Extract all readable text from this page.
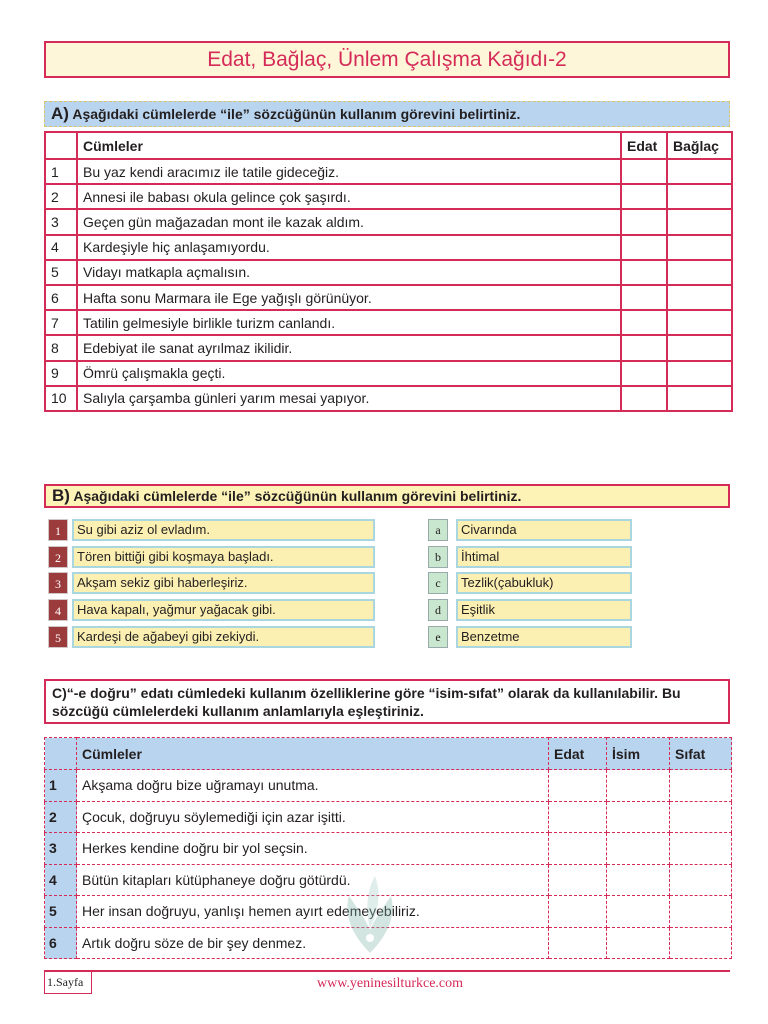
Edat, Bağlaç, Ünlem Çalışma Kağıdı-2
A) Aşağıdaki cümlelerde “ile” sözcüğünün kullanım görevini belirtiniz.
	Cümleler	Edat	Bağlaç
1	Bu yaz kendi aracımız ile tatile gideceğiz.		
2	Annesi ile babası okula gelince çok şaşırdı.		
3	Geçen gün mağazadan mont ile kazak aldım.		
4	Kardeşiyle hiç anlaşamıyordu.		
5	Vidayı matkapla açmalısın.		
6	Hafta sonu Marmara ile Ege yağışlı görünüyor.		
7	Tatilin gelmesiyle birlikle turizm canlandı.		
8	Edebiyat ile sanat ayrılmaz ikilidir.		
9	Ömrü çalışmakla geçti.		
10	Salıyla çarşamba günleri yarım mesai yapıyor.		
B) Aşağıdaki cümlelerde “ile” sözcüğünün kullanım görevini belirtiniz.
1	Su gibi aziz ol evladım.
2	Tören bittiği gibi koşmaya başladı.
3	Akşam sekiz gibi haberleşiriz.
4	Hava kapalı, yağmur yağacak gibi.
5	Kardeşi de ağabeyi gibi zekiydi.
a	Civarında
b	İhtimal
c	Tezlik(çabukluk)
d	Eşitlik
e	Benzetme
C)“-e doğru” edatı cümledeki kullanım özelliklerine göre “isim-sıfat” olarak da kullanılabilir. Bu
sözcüğü cümlelerdeki kullanım anlamlarıyla eşleştiriniz.
	Cümleler	Edat	İsim	Sıfat
1	Akşama doğru bize uğramayı unutma.			
2	Çocuk, doğruyu söylemediği için azar işitti.			
3	Herkes kendine doğru bir yol seçsin.			
4	Bütün kitapları kütüphaneye doğru götürdü.			
5	Her insan doğruyu, yanlışı hemen ayırt edemeyebiliriz.			
6	Artık doğru söze de bir şey denmez.			
1.Sayfa	www.yeninesilturkce.com
